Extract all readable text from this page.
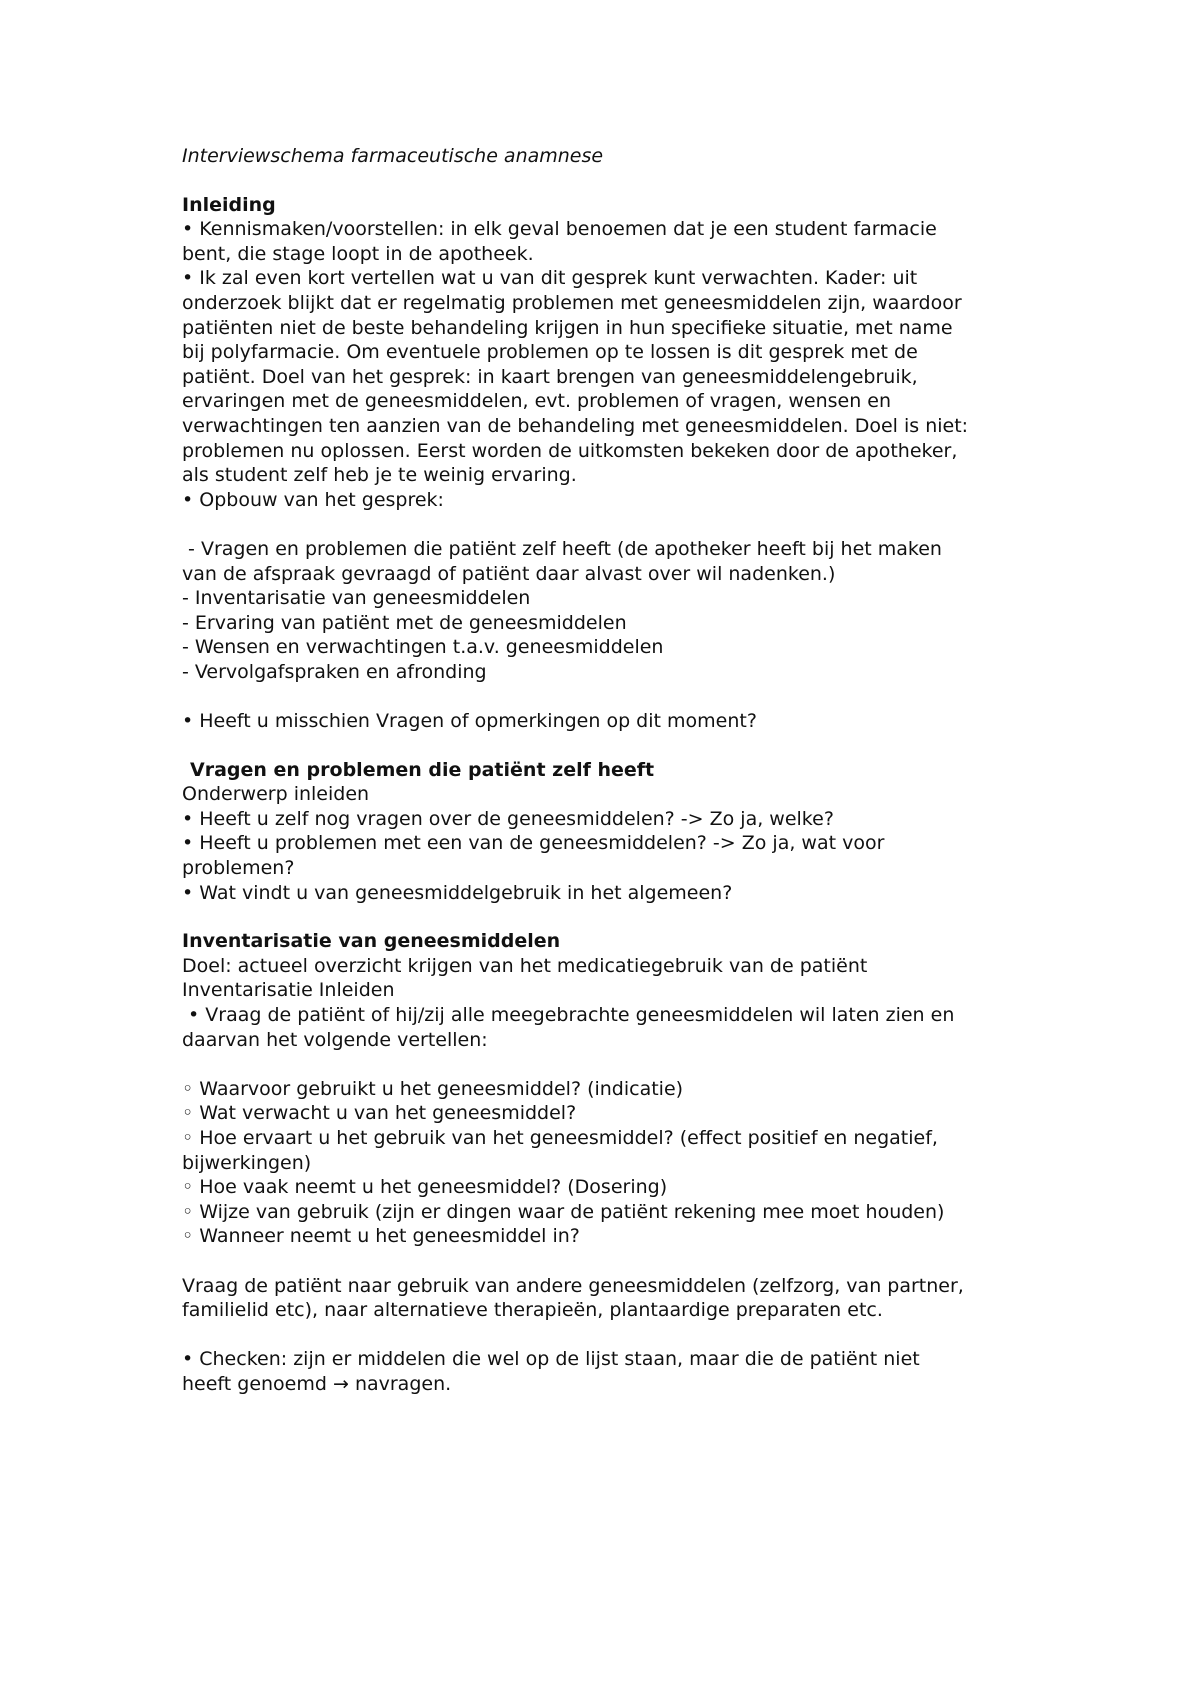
Interviewschema farmaceutische anamnese

Inleiding

• Kennismaken/voorstellen: in elk geval benoemen dat je een student farmacie

bent, die stage loopt in de apotheek.

• Ik zal even kort vertellen wat u van dit gesprek kunt verwachten. Kader: uit

onderzoek blijkt dat er regelmatig problemen met geneesmiddelen zijn, waardoor

patiënten niet de beste behandeling krijgen in hun specifieke situatie, met name

bij polyfarmacie. Om eventuele problemen op te lossen is dit gesprek met de

patiënt. Doel van het gesprek: in kaart brengen van geneesmiddelengebruik,

ervaringen met de geneesmiddelen, evt. problemen of vragen, wensen en

verwachtingen ten aanzien van de behandeling met geneesmiddelen. Doel is niet:

problemen nu oplossen. Eerst worden de uitkomsten bekeken door de apotheker,

als student zelf heb je te weinig ervaring.

• Opbouw van het gesprek:

- Vragen en problemen die patiënt zelf heeft (de apotheker heeft bij het maken

van de afspraak gevraagd of patiënt daar alvast over wil nadenken.)

- Inventarisatie van geneesmiddelen

- Ervaring van patiënt met de geneesmiddelen

- Wensen en verwachtingen t.a.v. geneesmiddelen

- Vervolgafspraken en afronding

• Heeft u misschien Vragen of opmerkingen op dit moment?

Vragen en problemen die patiënt zelf heeft

Onderwerp inleiden

• Heeft u zelf nog vragen over de geneesmiddelen? -> Zo ja, welke?

• Heeft u problemen met een van de geneesmiddelen? -> Zo ja, wat voor

problemen?

• Wat vindt u van geneesmiddelgebruik in het algemeen?

Inventarisatie van geneesmiddelen

Doel: actueel overzicht krijgen van het medicatiegebruik van de patiënt

Inventarisatie Inleiden

• Vraag de patiënt of hij/zij alle meegebrachte geneesmiddelen wil laten zien en

daarvan het volgende vertellen:

◦ Waarvoor gebruikt u het geneesmiddel? (indicatie)

◦ Wat verwacht u van het geneesmiddel?

◦ Hoe ervaart u het gebruik van het geneesmiddel? (effect positief en negatief,

bijwerkingen)

◦ Hoe vaak neemt u het geneesmiddel? (Dosering)

◦ Wijze van gebruik (zijn er dingen waar de patiënt rekening mee moet houden)

◦ Wanneer neemt u het geneesmiddel in?

Vraag de patiënt naar gebruik van andere geneesmiddelen (zelfzorg, van partner,

familielid etc), naar alternatieve therapieën, plantaardige preparaten etc.

• Checken: zijn er middelen die wel op de lijst staan, maar die de patiënt niet

heeft genoemd → navragen.
